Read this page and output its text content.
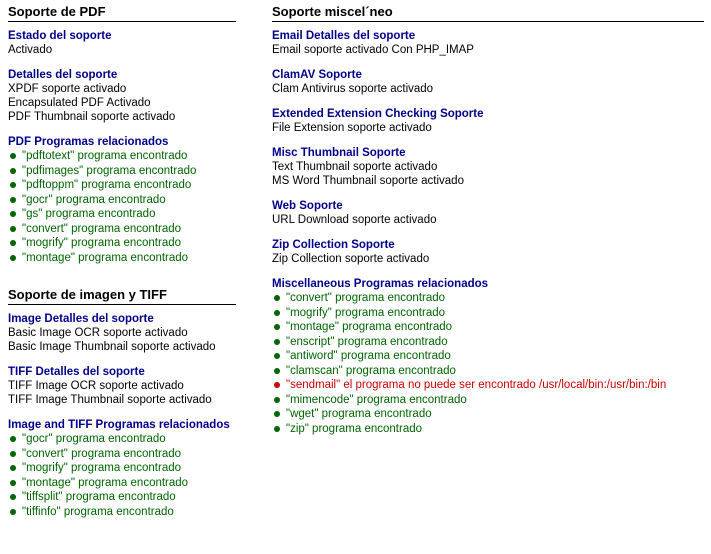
Soporte de PDF
Estado del soporte
Activado
Detalles del soporte
XPDF soporte activado
Encapsulated PDF Activado
PDF Thumbnail soporte activado
PDF Programas relacionados
"pdftotext" programa encontrado
"pdfimages" programa encontrado
"pdftoppm" programa encontrado
"gocr" programa encontrado
"gs" programa encontrado
"convert" programa encontrado
"mogrify" programa encontrado
"montage" programa encontrado
Soporte de imagen y TIFF
Image Detalles del soporte
Basic Image OCR soporte activado
Basic Image Thumbnail soporte activado
TIFF Detalles del soporte
TIFF Image OCR soporte activado
TIFF Image Thumbnail soporte activado
Image and TIFF Programas relacionados
"gocr" programa encontrado
"convert" programa encontrado
"mogrify" programa encontrado
"montage" programa encontrado
"tiffsplit" programa encontrado
"tiffinfo" programa encontrado
Soporte miscel´neo
Email Detalles del soporte
Email soporte activado Con PHP_IMAP
ClamAV Soporte
Clam Antivirus soporte activado
Extended Extension Checking Soporte
File Extension soporte activado
Misc Thumbnail Soporte
Text Thumbnail soporte activado
MS Word Thumbnail soporte activado
Web Soporte
URL Download soporte activado
Zip Collection Soporte
Zip Collection soporte activado
Miscellaneous Programas relacionados
"convert" programa encontrado
"mogrify" programa encontrado
"montage" programa encontrado
"enscript" programa encontrado
"antiword" programa encontrado
"clamscan" programa encontrado
"sendmail" el programa no puede ser encontrado /usr/local/bin:/usr/bin:/bin
"mimencode" programa encontrado
"wget" programa encontrado
"zip" programa encontrado
